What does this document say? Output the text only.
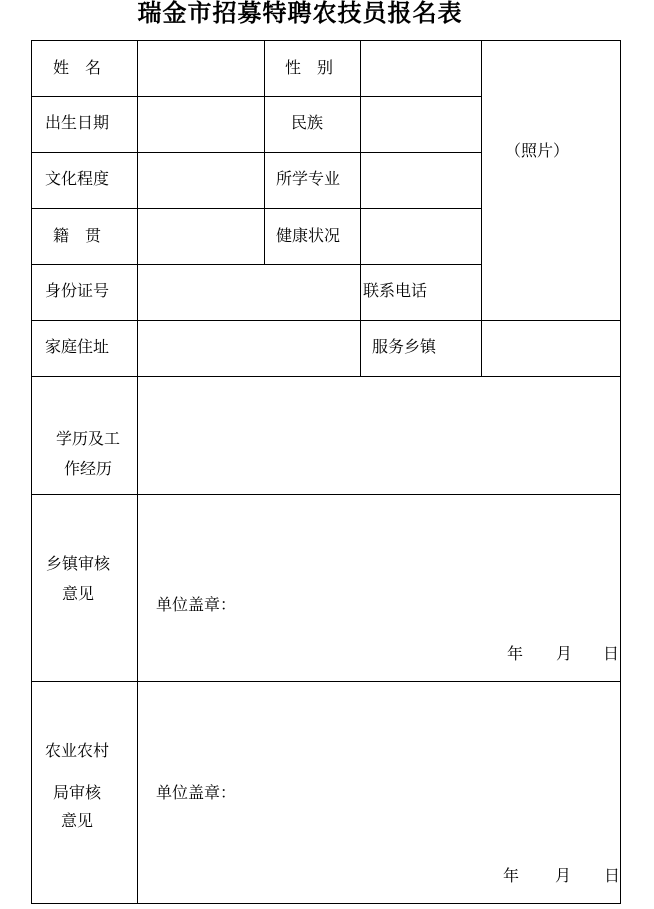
瑞金市招募特聘农技员报名表
姓　名	性　别
出生日期	民族
文化程度	所学专业
籍　贯	健康状况
身份证号	联系电话
家庭住址	服务乡镇
（照片）
学历及工
作经历
乡镇审核
意见
单位盖章：
年 月 日
农业农村
局审核
意见
单位盖章：
年 月 日
